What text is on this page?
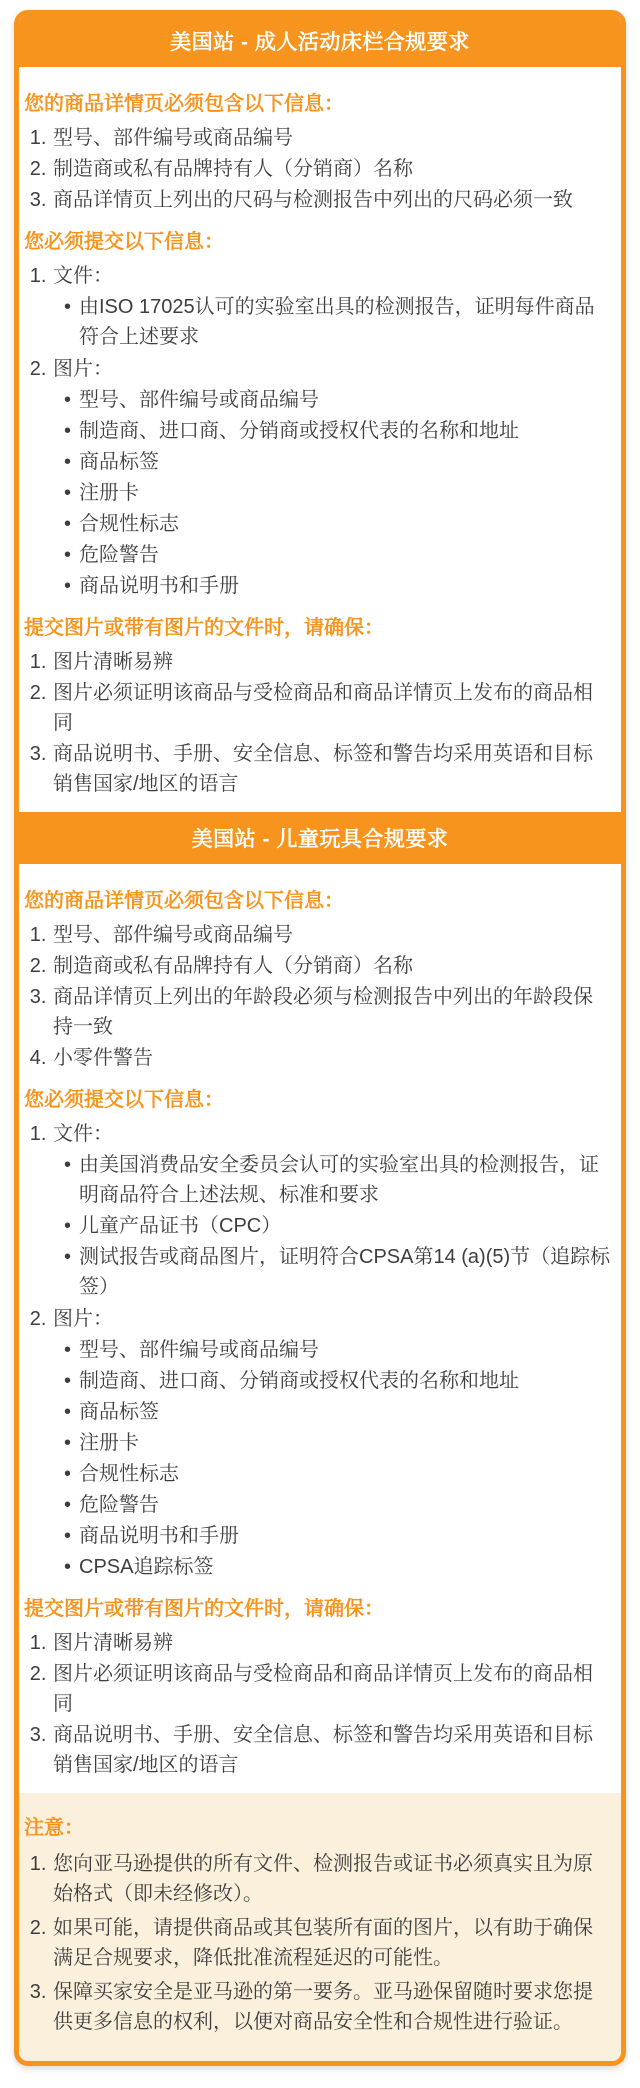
美国站 - 成人活动床栏合规要求
您的商品详情页必须包含以下信息：
1. 型号、部件编号或商品编号
2. 制造商或私有品牌持有人（分销商）名称
3. 商品详情页上列出的尺码与检测报告中列出的尺码必须一致
您必须提交以下信息：
1. 文件：
• 由ISO 17025认可的实验室出具的检测报告，证明每件商品符合上述要求
2. 图片：
• 型号、部件编号或商品编号
• 制造商、进口商、分销商或授权代表的名称和地址
• 商品标签
• 注册卡
• 合规性标志
• 危险警告
• 商品说明书和手册
提交图片或带有图片的文件时，请确保：
1. 图片清晰易辨
2. 图片必须证明该商品与受检商品和商品详情页上发布的商品相同
3. 商品说明书、手册、安全信息、标签和警告均采用英语和目标销售国家/地区的语言
美国站 - 儿童玩具合规要求
您的商品详情页必须包含以下信息：
1. 型号、部件编号或商品编号
2. 制造商或私有品牌持有人（分销商）名称
3. 商品详情页上列出的年龄段必须与检测报告中列出的年龄段保持一致
4. 小零件警告
您必须提交以下信息：
1. 文件：
• 由美国消费品安全委员会认可的实验室出具的检测报告，证明商品符合上述法规、标准和要求
• 儿童产品证书（CPC）
• 测试报告或商品图片，证明符合CPSA第14 (a)(5)节（追踪标签）
2. 图片：
• 型号、部件编号或商品编号
• 制造商、进口商、分销商或授权代表的名称和地址
• 商品标签
• 注册卡
• 合规性标志
• 危险警告
• 商品说明书和手册
• CPSA追踪标签
提交图片或带有图片的文件时，请确保：
1. 图片清晰易辨
2. 图片必须证明该商品与受检商品和商品详情页上发布的商品相同
3. 商品说明书、手册、安全信息、标签和警告均采用英语和目标销售国家/地区的语言
注意：
1. 您向亚马逊提供的所有文件、检测报告或证书必须真实且为原始格式（即未经修改）。
2. 如果可能，请提供商品或其包装所有面的图片，以有助于确保满足合规要求，降低批准流程延迟的可能性。
3. 保障买家安全是亚马逊的第一要务。亚马逊保留随时要求您提供更多信息的权利，以便对商品安全性和合规性进行验证。
